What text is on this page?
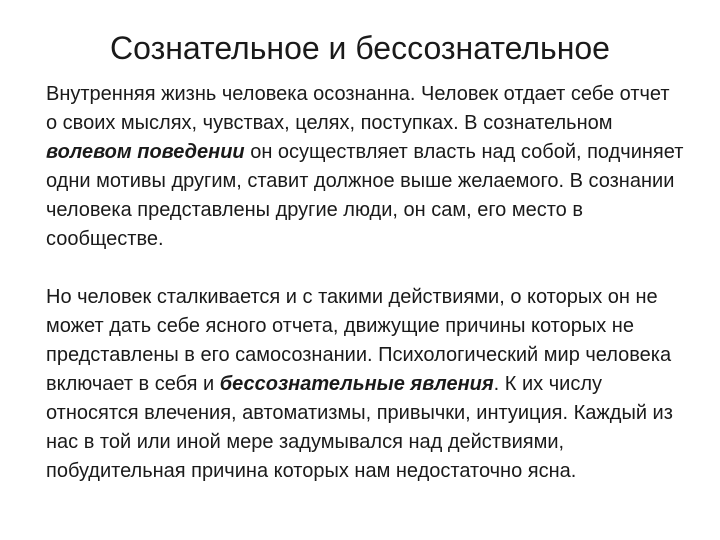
Сознательное и бессознательное

Внутренняя жизнь человека осознанна. Человек отдает себе отчет о своих мыслях, чувствах, целях, поступках. В сознательном волевом поведении он осуществляет власть над собой, подчиняет одни мотивы другим, ставит должное выше желаемого. В сознании человека представлены другие люди, он сам, его место в сообществе.

Но человек сталкивается и с такими действиями, о которых он не может дать себе ясного отчета, движущие причины которых не представлены в его самосознании. Психологический мир человека включает в себя и бессознательные явления. К их числу относятся влечения, автоматизмы, привычки, интуиция. Каждый из нас в той или иной мере задумывался над действиями, побудительная причина которых нам недостаточно ясна.
